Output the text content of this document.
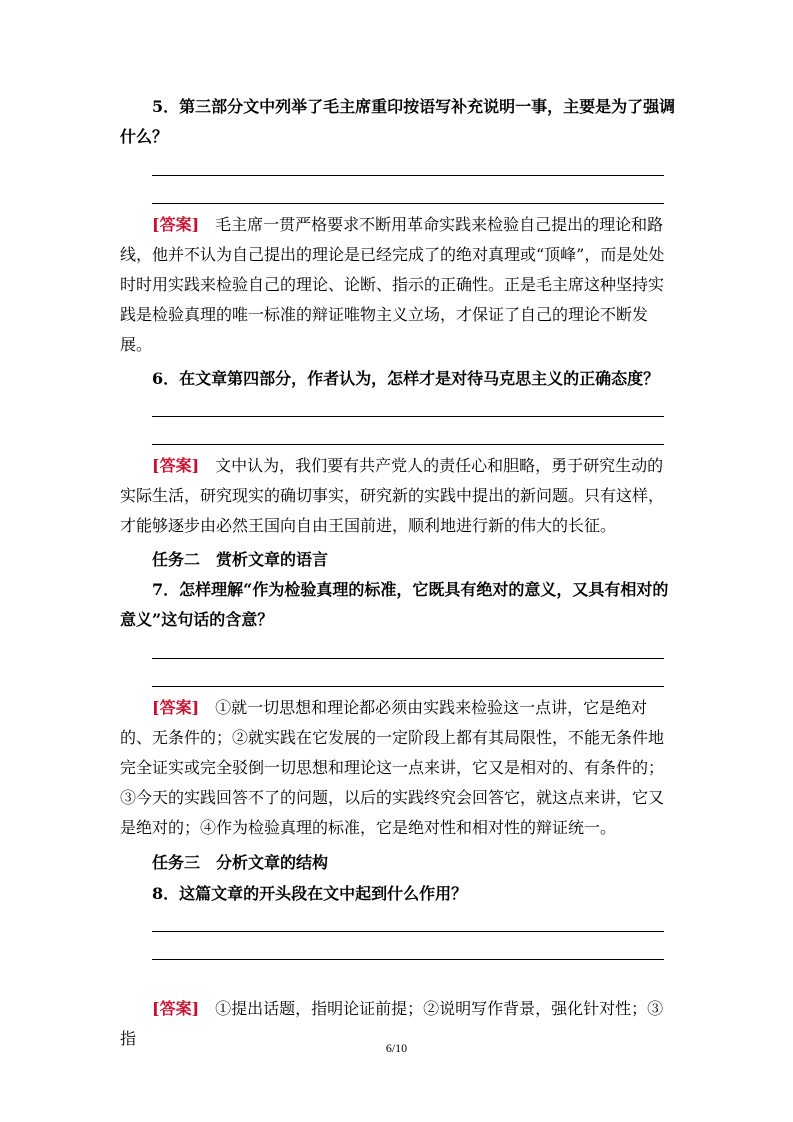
5．第三部分文中列举了毛主席重印按语写补充说明一事，主要是为了强调什么？

[答案]　毛主席一贯严格要求不断用革命实践来检验自己提出的理论和路线，他并不认为自己提出的理论是已经完成了的绝对真理或“顶峰”，而是处处时时用实践来检验自己的理论、论断、指示的正确性。正是毛主席这种坚持实践是检验真理的唯一标准的辩证唯物主义立场，才保证了自己的理论不断发展。

6．在文章第四部分，作者认为，怎样才是对待马克思主义的正确态度？

[答案]　文中认为，我们要有共产党人的责任心和胆略，勇于研究生动的实际生活，研究现实的确切事实，研究新的实践中提出的新问题。只有这样，才能够逐步由必然王国向自由王国前进，顺利地进行新的伟大的长征。

任务二　赏析文章的语言

7．怎样理解“作为检验真理的标准，它既具有绝对的意义，又具有相对的意义”这句话的含意？

[答案]　①就一切思想和理论都必须由实践来检验这一点讲，它是绝对的、无条件的；②就实践在它发展的一定阶段上都有其局限性，不能无条件地完全证实或完全驳倒一切思想和理论这一点来讲，它又是相对的、有条件的；③今天的实践回答不了的问题，以后的实践终究会回答它，就这点来讲，它又是绝对的；④作为检验真理的标准，它是绝对性和相对性的辩证统一。

任务三　分析文章的结构

8．这篇文章的开头段在文中起到什么作用？

[答案]　①提出话题，指明论证前提；②说明写作背景，强化针对性；③指	6/10
